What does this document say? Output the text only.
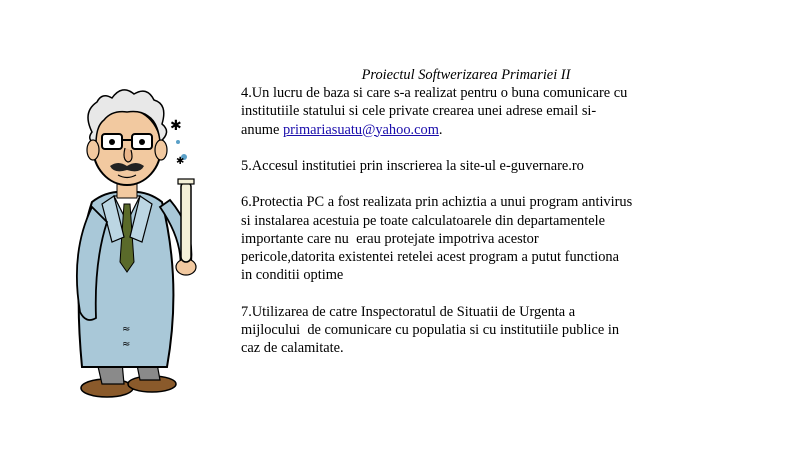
≈
≈
✱
✱

Proiectul Softwerizarea Primariei II

4.Un lucru de baza si care s-a realizat pentru o buna comunicare cu
institutiile statului si cele private crearea unei adrese email si-
anume primariasuatu@yahoo.com.
5.Accesul institutiei prin inscrierea la site-ul e-guvernare.ro
6.Protectia PC a fost realizata prin achiztia a unui program antivirus
si instalarea acestuia pe toate calculatoarele din departamentele
importante care nu  erau protejate impotriva acestor
pericole,datorita existentei retelei acest program a putut functiona
in conditii optime
7.Utilizarea de catre Inspectoratul de Situatii de Urgenta a
mijlocului  de comunicare cu populatia si cu institutiile publice in
caz de calamitate.
